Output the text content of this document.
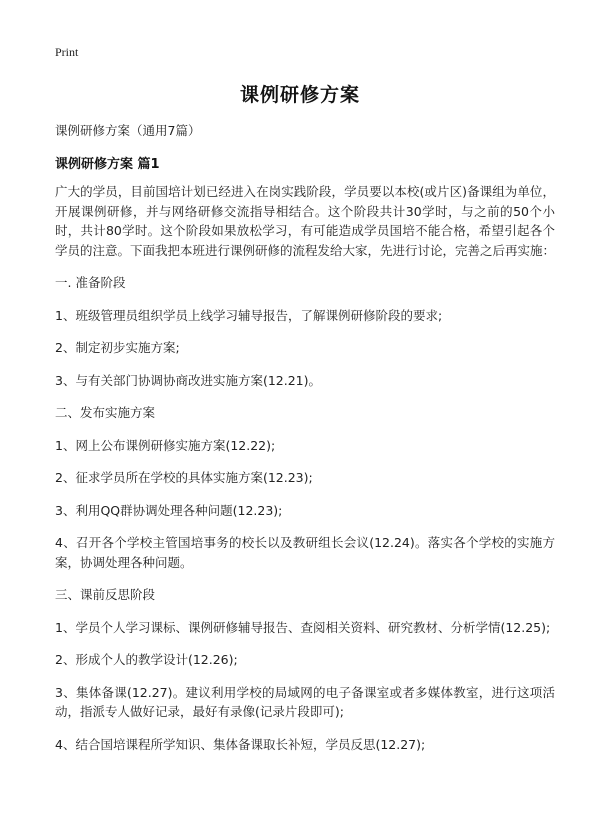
Print
课例研修方案
课例研修方案（通用7篇）
课例研修方案 篇1

广大的学员，目前国培计划已经进入在岗实践阶段，学员要以本校(或片区)备课组为单位，开展课例研修，并与网络研修交流指导相结合。这个阶段共计30学时，与之前的50个小时，共计80学时。这个阶段如果放松学习，有可能造成学员国培不能合格，希望引起各个学员的注意。下面我把本班进行课例研修的流程发给大家，先进行讨论，完善之后再实施：

一. 准备阶段

1、班级管理员组织学员上线学习辅导报告，了解课例研修阶段的要求;

2、制定初步实施方案;

3、与有关部门协调协商改进实施方案(12.21)。

二、发布实施方案

1、网上公布课例研修实施方案(12.22);

2、征求学员所在学校的具体实施方案(12.23);

3、利用QQ群协调处理各种问题(12.23);

4、召开各个学校主管国培事务的校长以及教研组长会议(12.24)。落实各个学校的实施方案，协调处理各种问题。

三、课前反思阶段

1、学员个人学习课标、课例研修辅导报告、查阅相关资料、研究教材、分析学情(12.25);

2、形成个人的教学设计(12.26);

3、集体备课(12.27)。建议利用学校的局域网的电子备课室或者多媒体教室，进行这项活动，指派专人做好记录，最好有录像(记录片段即可);

4、结合国培课程所学知识、集体备课取长补短，学员反思(12.27);
